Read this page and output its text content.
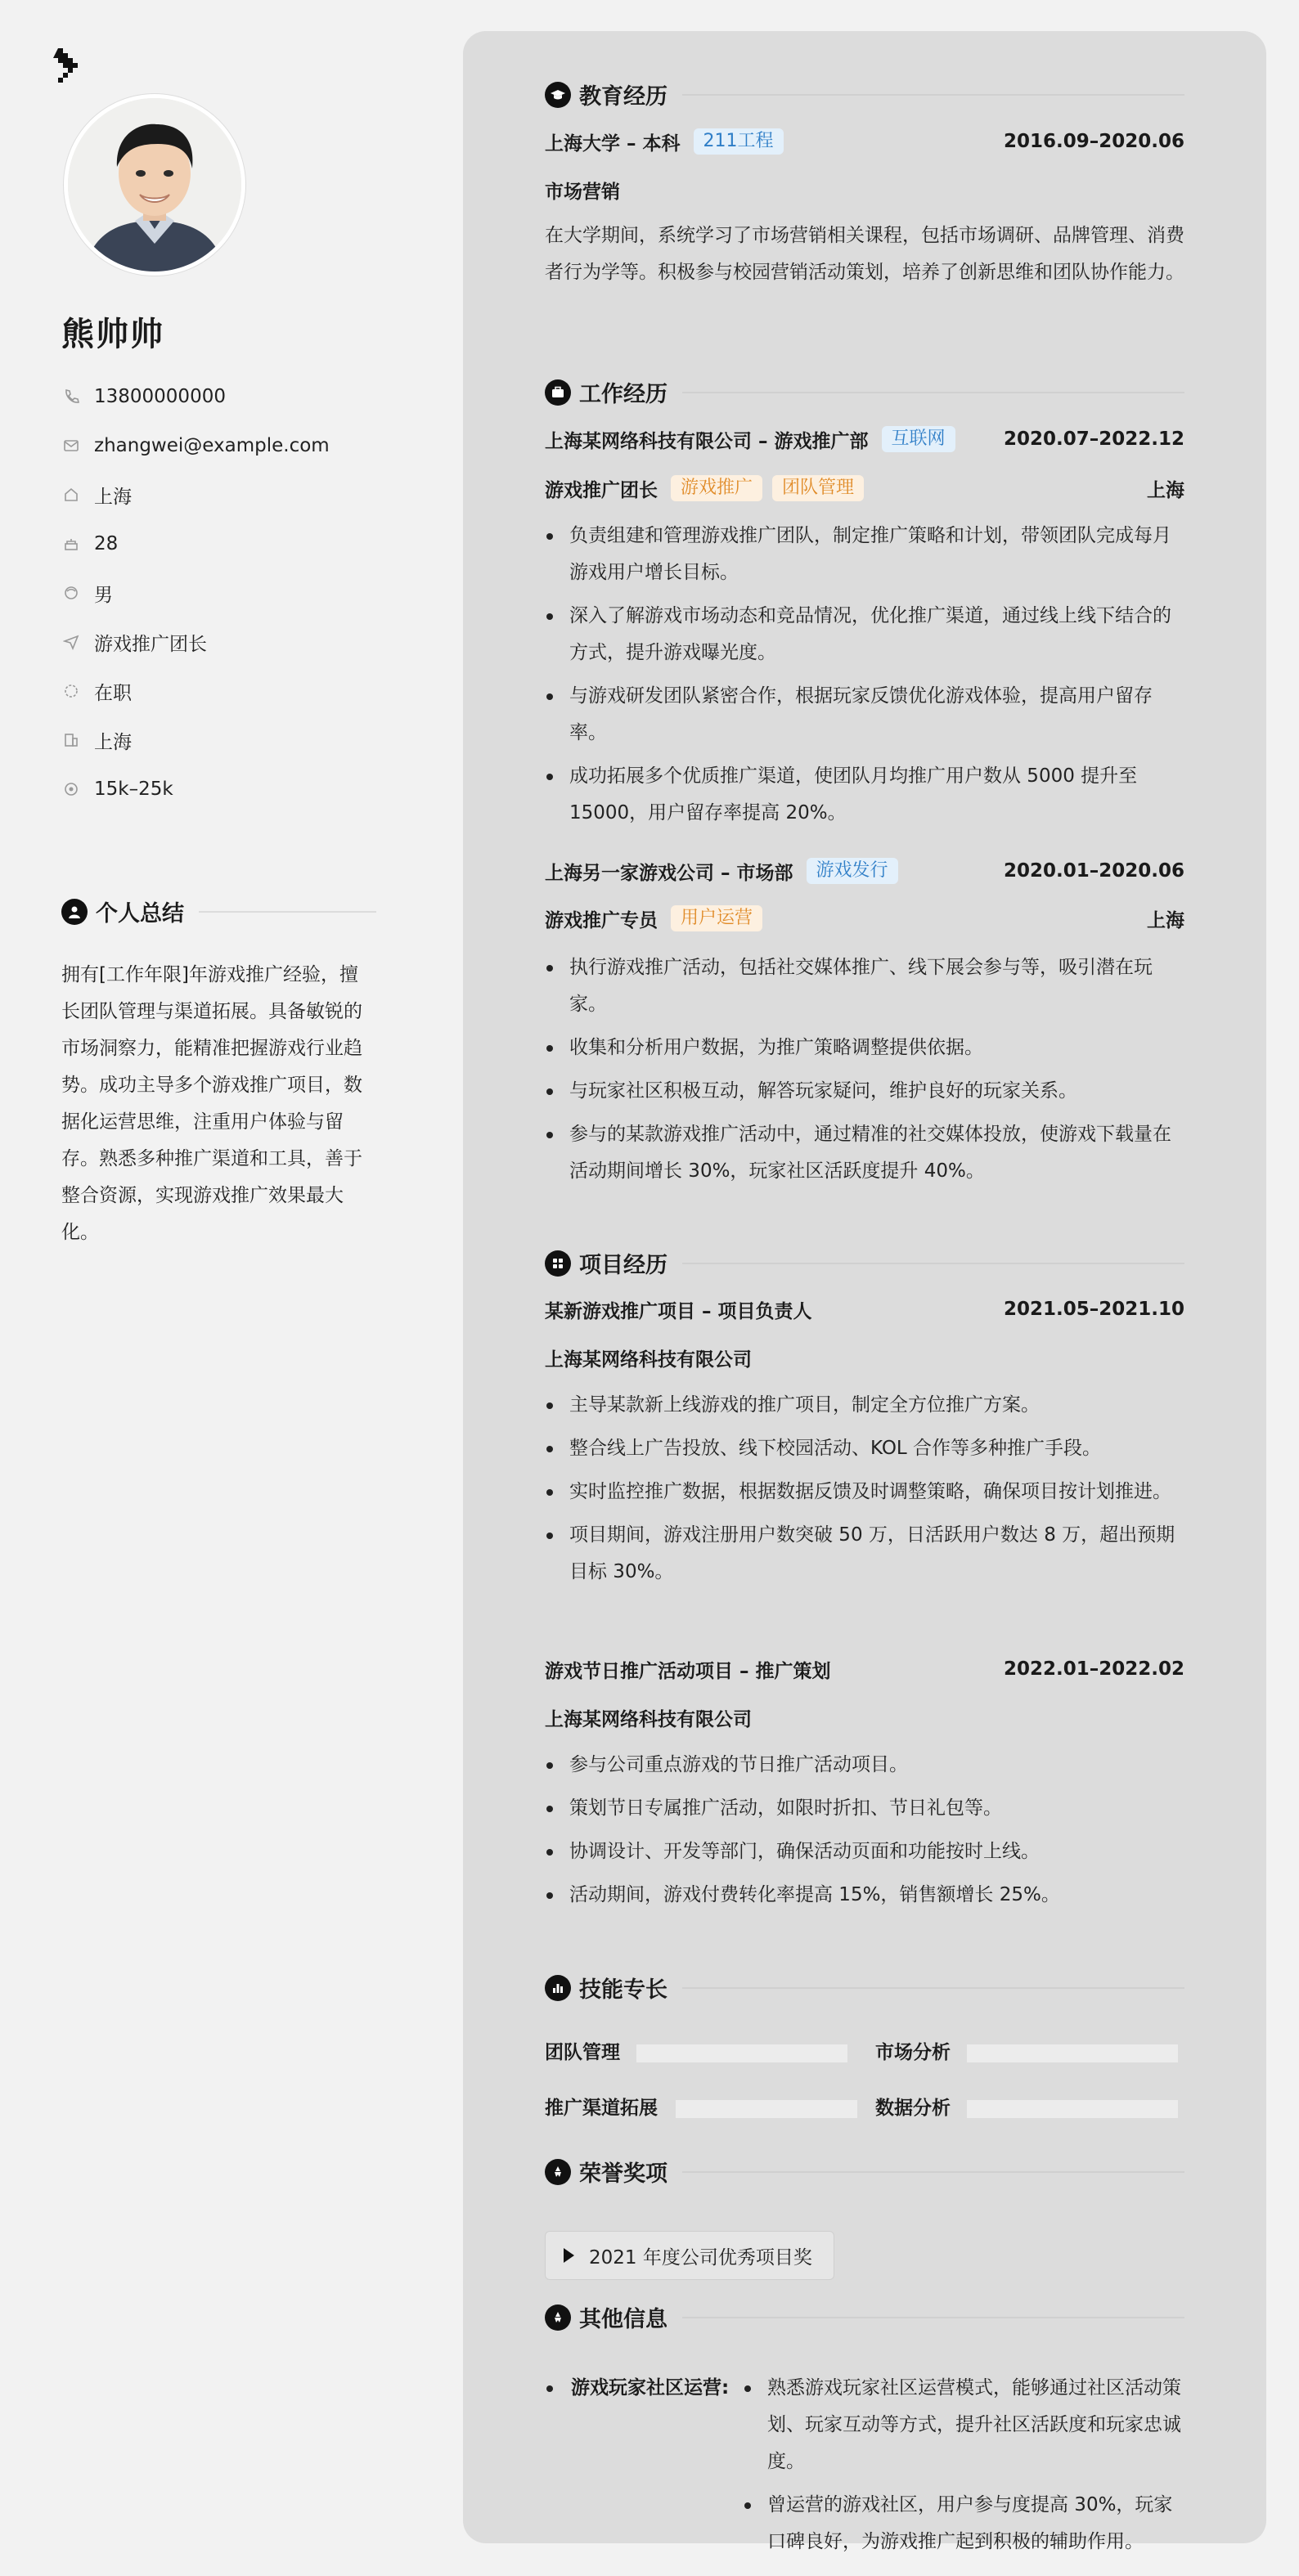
熊帅帅
13800000000
zhangwei@example.com
上海
28
男
游戏推广团长
在职
上海
15k–25k
个人总结

拥有[工作年限]年游戏推广经验，擅长团队管理与渠道拓展。具备敏锐的市场洞察力，能精准把握游戏行业趋势。成功主导多个游戏推广项目，数据化运营思维，注重用户体验与留存。熟悉多种推广渠道和工具，善于整合资源，实现游戏推广效果最大化。

教育经历
上海大学 – 本科	211工程	2016.09–2020.06
市场营销

在大学期间，系统学习了市场营销相关课程，包括市场调研、品牌管理、消费者行为学等。积极参与校园营销活动策划，培养了创新思维和团队协作能力。

工作经历
上海某网络科技有限公司 – 游戏推广部	互联网	2020.07–2022.12
游戏推广团长	游戏推广	团队管理	上海
负责组建和管理游戏推广团队，制定推广策略和计划，带领团队完成每月游戏用户增长目标。
深入了解游戏市场动态和竞品情况，优化推广渠道，通过线上线下结合的方式，提升游戏曝光度。
与游戏研发团队紧密合作，根据玩家反馈优化游戏体验，提高用户留存率。
成功拓展多个优质推广渠道，使团队月均推广用户数从 5000 提升至 15000，用户留存率提高 20%。
上海另一家游戏公司 – 市场部	游戏发行	2020.01–2020.06
游戏推广专员	用户运营	上海
执行游戏推广活动，包括社交媒体推广、线下展会参与等，吸引潜在玩家。
收集和分析用户数据，为推广策略调整提供依据。
与玩家社区积极互动，解答玩家疑问，维护良好的玩家关系。
参与的某款游戏推广活动中，通过精准的社交媒体投放，使游戏下载量在活动期间增长 30%，玩家社区活跃度提升 40%。
项目经历
某新游戏推广项目 – 项目负责人	2021.05–2021.10
上海某网络科技有限公司
主导某款新上线游戏的推广项目，制定全方位推广方案。
整合线上广告投放、线下校园活动、KOL 合作等多种推广手段。
实时监控推广数据，根据数据反馈及时调整策略，确保项目按计划推进。
项目期间，游戏注册用户数突破 50 万，日活跃用户数达 8 万，超出预期目标 30%。
游戏节日推广活动项目 – 推广策划	2022.01–2022.02
上海某网络科技有限公司
参与公司重点游戏的节日推广活动项目。
策划节日专属推广活动，如限时折扣、节日礼包等。
协调设计、开发等部门，确保活动页面和功能按时上线。
活动期间，游戏付费转化率提高 15%，销售额增长 25%。
技能专长
团队管理	市场分析
推广渠道拓展	数据分析
荣誉奖项
2021 年度公司优秀项目奖
其他信息
游戏玩家社区运营:	熟悉游戏玩家社区运营模式，能够通过社区活动策划、玩家互动等方式，提升社区活跃度和玩家忠诚度。
曾运营的游戏社区，用户参与度提高 30%，玩家口碑良好，为游戏推广起到积极的辅助作用。
